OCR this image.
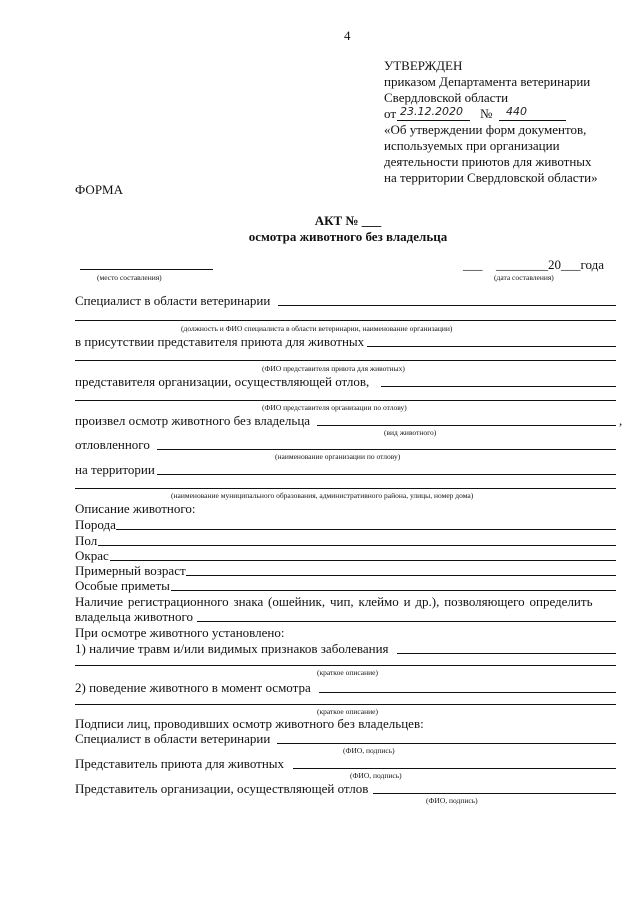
4
УТВЕРЖДЕН
приказом Департамента ветеринарии
Свердловской области
от 23.12.2020 № 440
«Об утверждении форм документов,
используемых при организации
деятельности приютов для животных
на территории Свердловской области»
ФОРМА
АКТ № ___
осмотра животного без владельца
(место составления)
___ ________20___года
(дата составления)
Специалист в области ветеринарии
(должность и ФИО специалиста в области ветеринарии, наименование организации)
в присутствии представителя приюта для животных
(ФИО представителя приюта для животных)
представителя организации, осуществляющей отлов,
(ФИО представителя организации по отлову)
произвел осмотр животного без владельца	,
(вид животного)
отловленного
(наименование организации по отлову)
на территории
(наименование муниципального образования, административного района, улицы, номер дома)
Описание животного:
Порода
Пол
Окрас
Примерный возраст
Особые приметы
Наличие регистрационного знака (ошейник, чип, клеймо и др.), позволяющего определить
владельца животного
При осмотре животного установлено:
1) наличие травм и/или видимых признаков заболевания
(краткое описание)
2) поведение животного в момент осмотра
(краткое описание)
Подписи лиц, проводивших осмотр животного без владельцев:
Специалист в области ветеринарии
(ФИО, подпись)
Представитель приюта для животных
(ФИО, подпись)
Представитель организации, осуществляющей отлов
(ФИО, подпись)
